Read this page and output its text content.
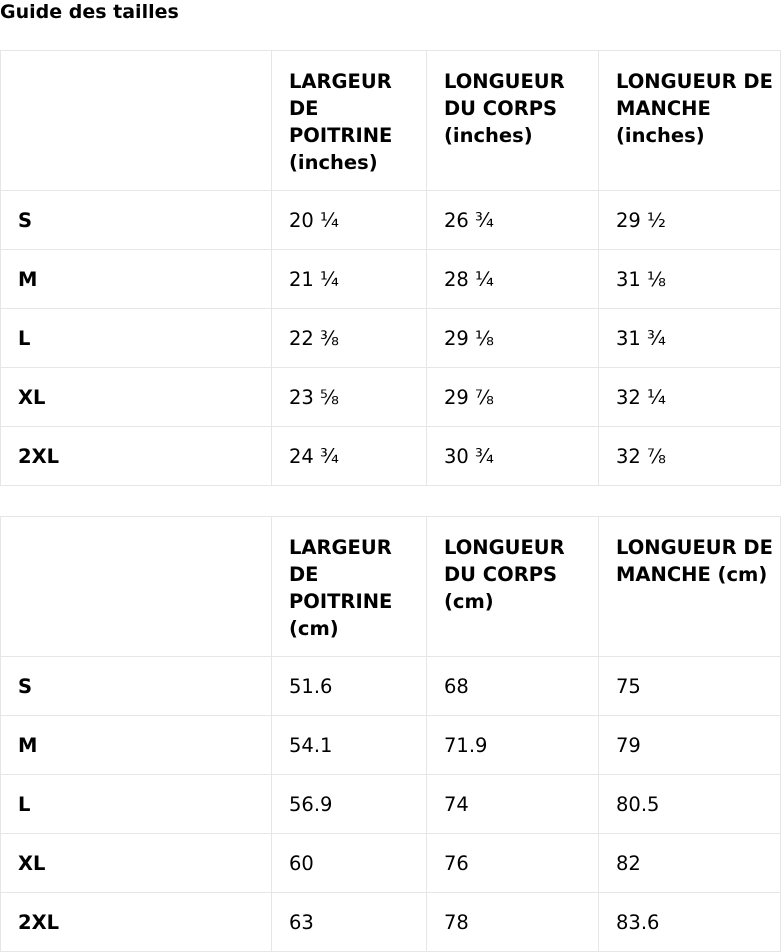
Guide des tailles
	LARGEUR DE POITRINE (inches)	LONGUEUR DU CORPS (inches)	LONGUEUR DE MANCHE (inches)
S	20 ¼	26 ¾	29 ½
M	21 ¼	28 ¼	31 ⅛
L	22 ⅜	29 ⅛	31 ¾
XL	23 ⅝	29 ⅞	32 ¼
2XL	24 ¾	30 ¾	32 ⅞
	LARGEUR DE POITRINE (cm)	LONGUEUR DU CORPS (cm)	LONGUEUR DE MANCHE (cm)
S	51.6	68	75
M	54.1	71.9	79
L	56.9	74	80.5
XL	60	76	82
2XL	63	78	83.6
